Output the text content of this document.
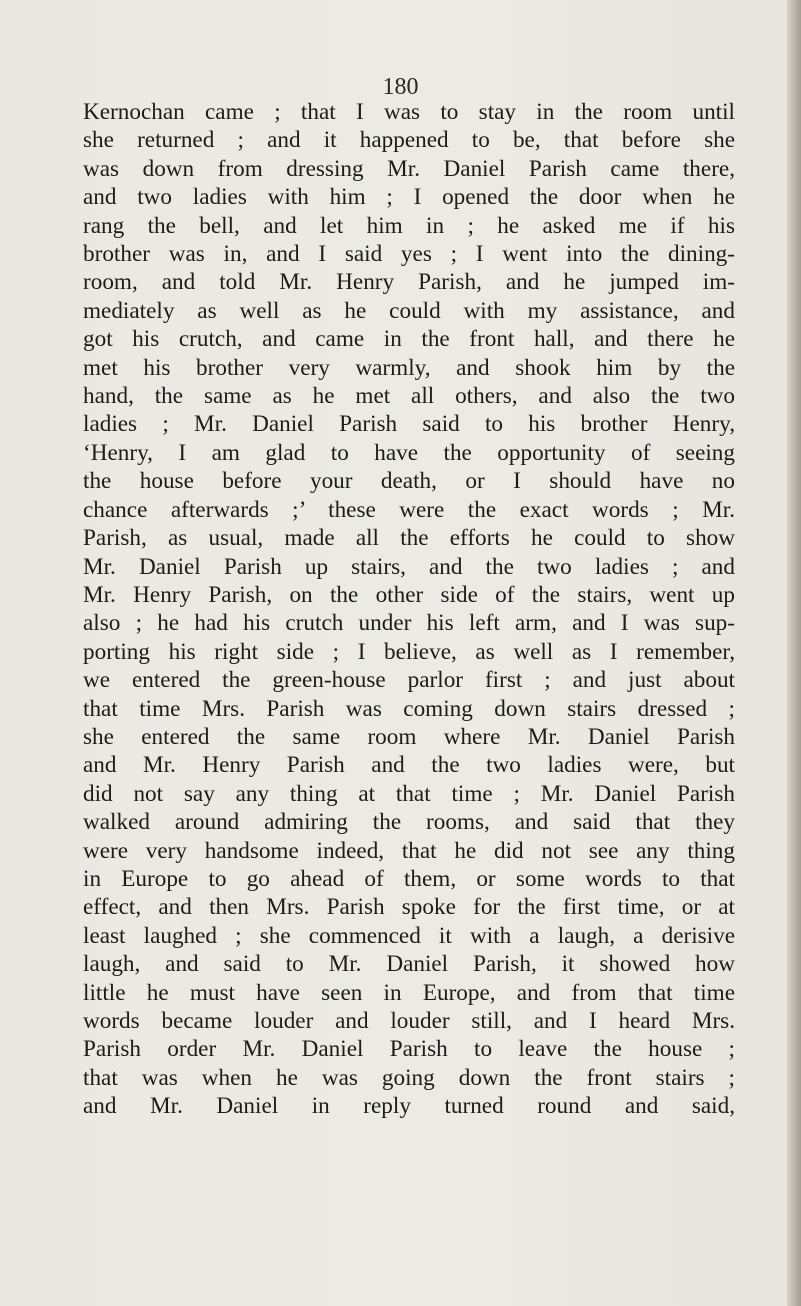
180
Kernochan came ; that I was to stay in the room until
she returned ; and it happened to be, that before she
was down from dressing Mr. Daniel Parish came there,
and two ladies with him ; I opened the door when he
rang the bell, and let him in ; he asked me if his
brother was in, and I said yes ; I went into the dining-
room, and told Mr. Henry Parish, and he jumped im-
mediately as well as he could with my assistance, and
got his crutch, and came in the front hall, and there he
met his brother very warmly, and shook him by the
hand, the same as he met all others, and also the two
ladies ; Mr. Daniel Parish said to his brother Henry,
‘Henry, I am glad to have the opportunity of seeing
the house before your death, or I should have no
chance afterwards ;’ these were the exact words ; Mr.
Parish, as usual, made all the efforts he could to show
Mr. Daniel Parish up stairs, and the two ladies ; and
Mr. Henry Parish, on the other side of the stairs, went up
also ; he had his crutch under his left arm, and I was sup-
porting his right side ; I believe, as well as I remember,
we entered the green-house parlor first ; and just about
that time Mrs. Parish was coming down stairs dressed ;
she entered the same room where Mr. Daniel Parish
and Mr. Henry Parish and the two ladies were, but
did not say any thing at that time ; Mr. Daniel Parish
walked around admiring the rooms, and said that they
were very handsome indeed, that he did not see any thing
in Europe to go ahead of them, or some words to that
effect, and then Mrs. Parish spoke for the first time, or at
least laughed ; she commenced it with a laugh, a derisive
laugh, and said to Mr. Daniel Parish, it showed how
little he must have seen in Europe, and from that time
words became louder and louder still, and I heard Mrs.
Parish order Mr. Daniel Parish to leave the house ;
that was when he was going down the front stairs ;
and Mr. Daniel in reply turned round and said,
